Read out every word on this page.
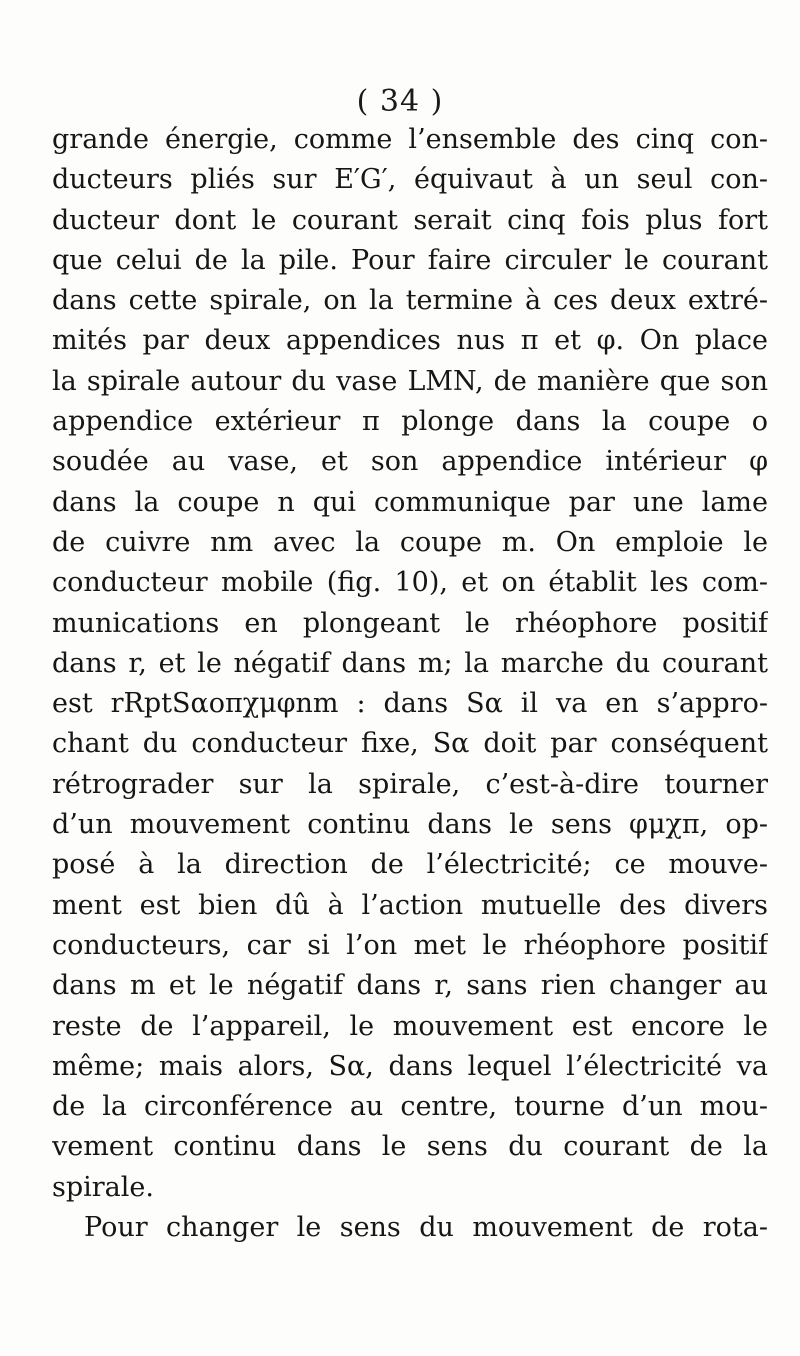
( 34 )
grande énergie, comme l’ensemble des cinq con-
ducteurs pliés sur E′G′, équivaut à un seul con-
ducteur dont le courant serait cinq fois plus fort
que celui de la pile. Pour faire circuler le courant
dans cette spirale, on la termine à ces deux extré-
mités par deux appendices nus π et φ. On place
la spirale autour du vase LMN, de manière que son
appendice extérieur π plonge dans la coupe o
soudée au vase, et son appendice intérieur φ
dans la coupe n qui communique par une lame
de cuivre nm avec la coupe m. On emploie le
conducteur mobile (fig. 10), et on établit les com-
munications en plongeant le rhéophore positif
dans r, et le négatif dans m; la marche du courant
est rRptSαoπχμφnm : dans Sα il va en s’appro-
chant du conducteur fixe, Sα doit par conséquent
rétrograder sur la spirale, c’est-à-dire tourner
d’un mouvement continu dans le sens φμχπ, op-
posé à la direction de l’électricité; ce mouve-
ment est bien dû à l’action mutuelle des divers
conducteurs, car si l’on met le rhéophore positif
dans m et le négatif dans r, sans rien changer au
reste de l’appareil, le mouvement est encore le
même; mais alors, Sα, dans lequel l’électricité va
de la circonférence au centre, tourne d’un mou-
vement continu dans le sens du courant de la
spirale.
Pour changer le sens du mouvement de rota-
